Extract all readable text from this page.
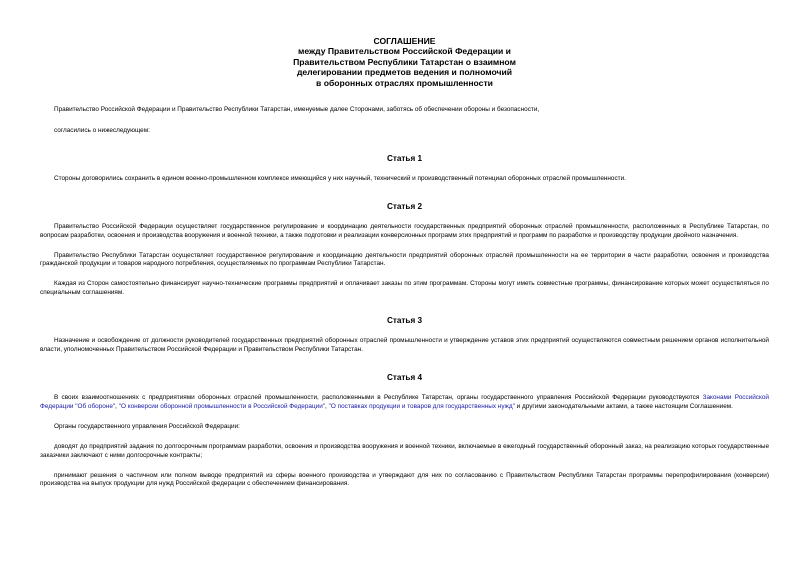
СОГЛАШЕНИЕ
между Правительством Российской Федерации и
Правительством Республики Татарстан о взаимном
делегировании предметов ведения и полномочий
в оборонных отраслях промышленности

Правительство Российской Федерации и Правительство Республики Татарстан, именуемые далее Сторонами, заботясь об обеспечении обороны и безопасности,

согласились о нижеследующем:

Статья 1

Стороны договорились сохранить в едином военно-промышленном комплексе имеющийся у них научный, технический и производственный потенциал оборонных отраслей промышленности.

Статья 2

Правительство Российской Федерации осуществляет государственное регулирование и координацию деятельности государственных предприятий оборонных отраслей промышленности, расположенных в Республике Татарстан, по вопросам разработки, освоения и производства вооружения и военной техники, а также подготовки и реализации конверсионных программ этих предприятий и программ по разработке и производству продукции двойного назначения.

Правительство Республики Татарстан осуществляет государственное регулирование и координацию деятельности предприятий оборонных отраслей промышленности на ее территории в части разработки, освоения и производства гражданской продукции и товаров народного потребления, осуществляемых по программам Республики Татарстан.

Каждая из Сторон самостоятельно финансирует научно-технические программы предприятий и оплачивает заказы по этим программам. Стороны могут иметь совместные программы, финансирование которых может осуществляться по специальным соглашениям.

Статья 3

Назначение и освобождение от должности руководителей государственных предприятий оборонных отраслей промышленности и утверждение уставов этих предприятий осуществляются совместным решением органов исполнительной власти, уполномоченных Правительством Российской Федерации и Правительством Республики Татарстан.

Статья 4

В своих взаимоотношениях с предприятиями оборонных отраслей промышленности, расположенными в Республике Татарстан, органы государственного управления Российской Федерации руководствуются Законами Российской Федерации "Об обороне", "О конверсии оборонной промышленности в Российской Федерации", "О поставках продукции и товаров для государственных нужд" и другими законодательными актами, а также настоящим Соглашением.

Органы государственного управления Российской Федерации:

доводят до предприятий задания по долгосрочным программам разработки, освоения и производства вооружения и военной техники, включаемые в ежегодный государственный оборонный заказ, на реализацию которых государственные заказчики заключают с ними долгосрочные контракты;

принимают решения о частичном или полном выводе предприятий из сферы военного производства и утверждают для них по согласованию с Правительством Республики Татарстан программы перепрофилирования (конверсии) производства на выпуск продукции для нужд Российской федерации с обеспечением финансирования.
